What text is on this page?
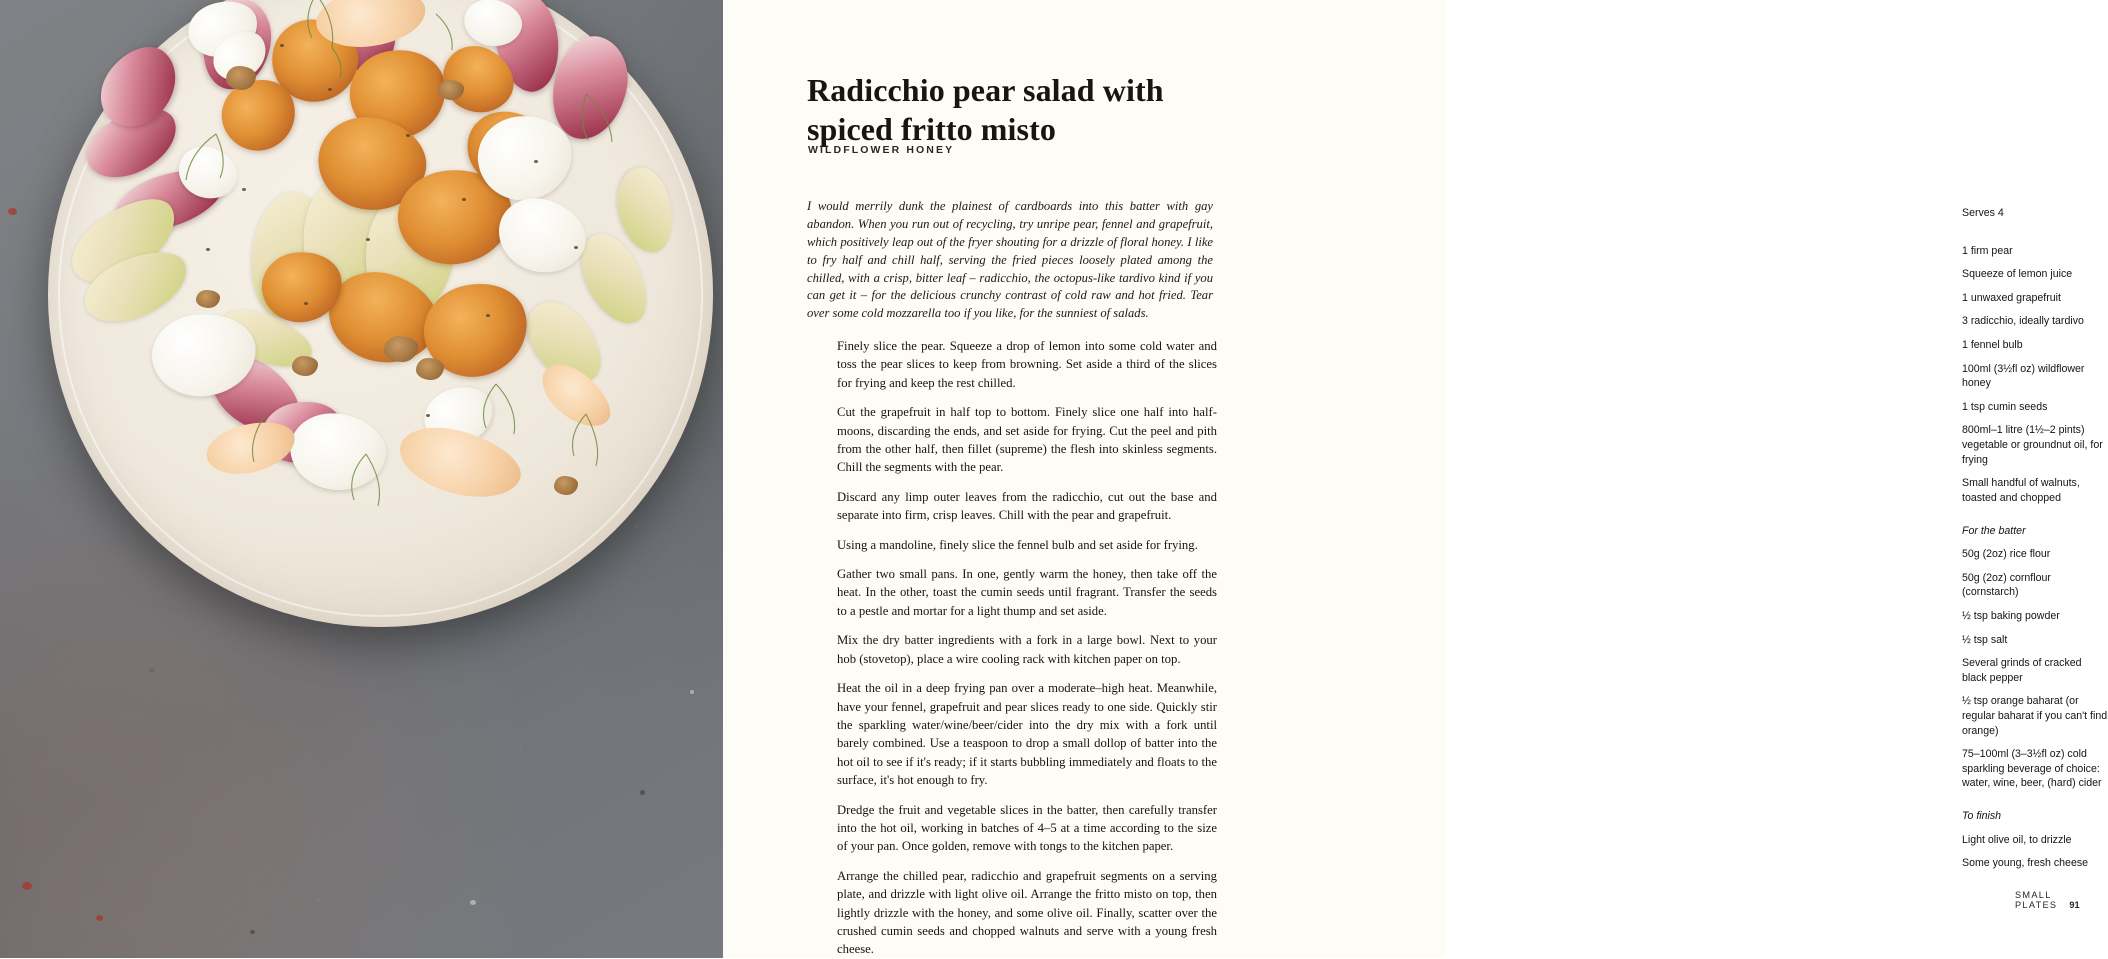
Radicchio pear salad with spiced fritto misto
WILDFLOWER HONEY
I would merrily dunk the plainest of cardboards into this batter with gay abandon. When you run out of recycling, try unripe pear, fennel and grapefruit, which positively leap out of the fryer shouting for a drizzle of floral honey. I like to fry half and chill half, serving the fried pieces loosely plated among the chilled, with a crisp, bitter leaf – radicchio, the octopus-like tardivo kind if you can get it – for the delicious crunchy contrast of cold raw and hot fried. Tear over some cold mozzarella too if you like, for the sunniest of salads.

Finely slice the pear. Squeeze a drop of lemon into some cold water and toss the pear slices to keep from browning. Set aside a third of the slices for frying and keep the rest chilled.

Cut the grapefruit in half top to bottom. Finely slice one half into half-moons, discarding the ends, and set aside for frying. Cut the peel and pith from the other half, then fillet (supreme) the flesh into skinless segments. Chill the segments with the pear.

Discard any limp outer leaves from the radicchio, cut out the base and separate into firm, crisp leaves. Chill with the pear and grapefruit.

Using a mandoline, finely slice the fennel bulb and set aside for frying.

Gather two small pans. In one, gently warm the honey, then take off the heat. In the other, toast the cumin seeds until fragrant. Transfer the seeds to a pestle and mortar for a light thump and set aside.

Mix the dry batter ingredients with a fork in a large bowl. Next to your hob (stovetop), place a wire cooling rack with kitchen paper on top.

Heat the oil in a deep frying pan over a moderate–high heat. Meanwhile, have your fennel, grapefruit and pear slices ready to one side. Quickly stir the sparkling water/wine/beer/cider into the dry mix with a fork until barely combined. Use a teaspoon to drop a small dollop of batter into the hot oil to see if it's ready; if it starts bubbling immediately and floats to the surface, it's hot enough to fry.

Dredge the fruit and vegetable slices in the batter, then carefully transfer into the hot oil, working in batches of 4–5 at a time according to the size of your pan. Once golden, remove with tongs to the kitchen paper.

Arrange the chilled pear, radicchio and grapefruit segments on a serving plate, and drizzle with light olive oil. Arrange the fritto misto on top, then lightly drizzle with the honey, and some olive oil. Finally, scatter over the crushed cumin seeds and chopped walnuts and serve with a young fresh cheese.

Serves 4
1 firm pear
Squeeze of lemon juice
1 unwaxed grapefruit
3 radicchio, ideally tardivo
1 fennel bulb
100ml (3½fl oz) wildflower honey
1 tsp cumin seeds
800ml–1 litre (1½–2 pints) vegetable or groundnut oil, for frying
Small handful of walnuts, toasted and chopped
For the batter
50g (2oz) rice flour
50g (2oz) cornflour (cornstarch)
½ tsp baking powder
½ tsp salt
Several grinds of cracked black pepper
½ tsp orange baharat (or regular baharat if you can't find orange)
75–100ml (3–3½fl oz) cold sparkling beverage of choice: water, wine, beer, (hard) cider
To finish
Light olive oil, to drizzle
Some young, fresh cheese
SMALL PLATES 91
